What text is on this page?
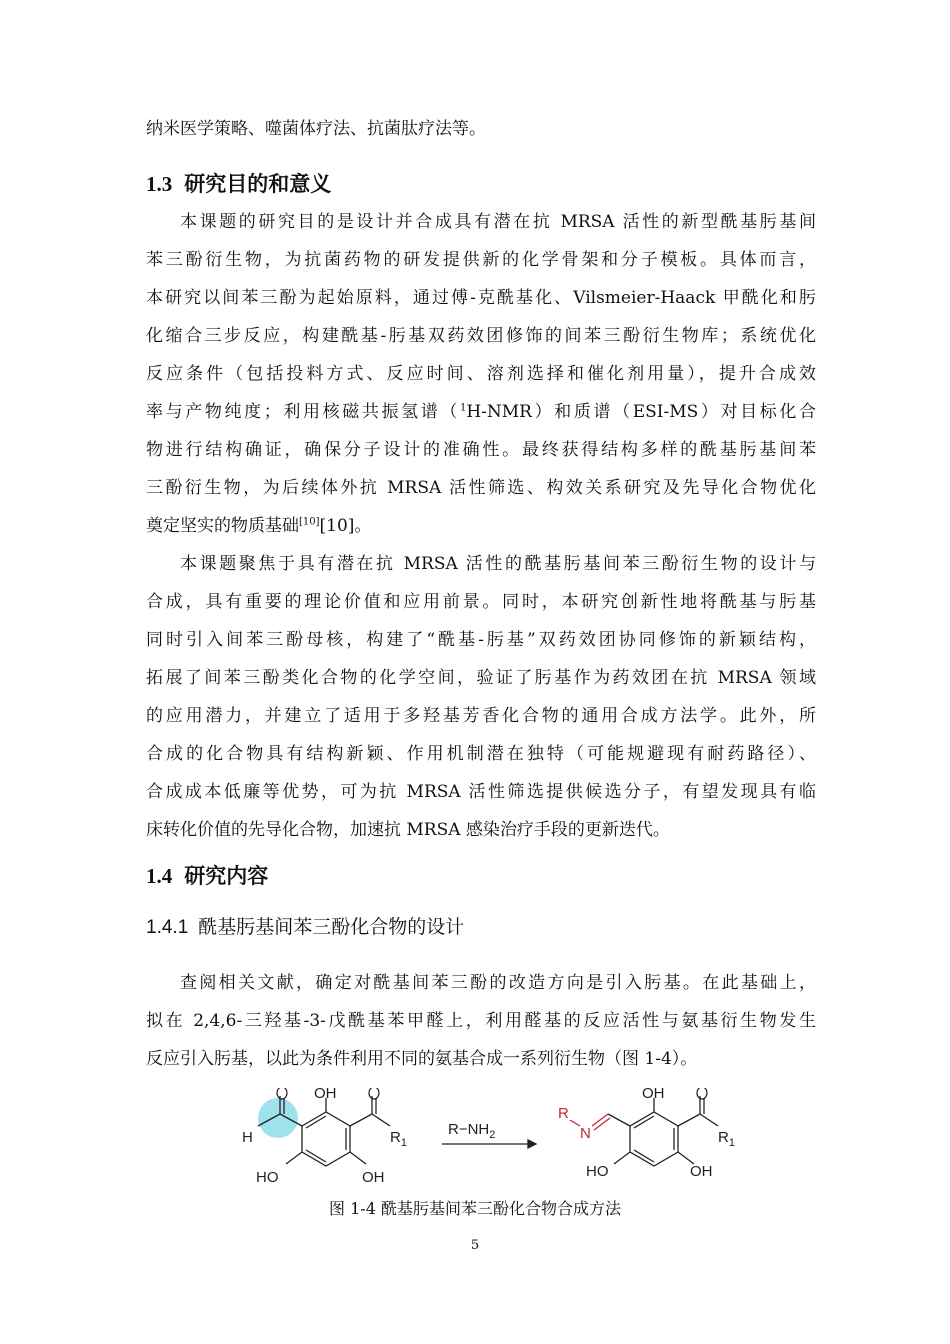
纳米医学策略、噬菌体疗法、抗菌肽疗法等。
1.3 研究目的和意义
本课题的研究目的是设计并合成具有潜在抗 MRSA 活性的新型酰基肟基间
苯三酚衍生物，为抗菌药物的研发提供新的化学骨架和分子模板。具体而言，
本研究以间苯三酚为起始原料，通过傅-克酰基化、Vilsmeier-Haack 甲酰化和肟
化缩合三步反应，构建酰基-肟基双药效团修饰的间苯三酚衍生物库；系统优化
反应条件（包括投料方式、反应时间、溶剂选择和催化剂用量），提升合成效
率与产物纯度；利用核磁共振氢谱（$^1$H-NMR）和质谱（ESI-MS）对目标化合
物进行结构确证，确保分子设计的准确性。最终获得结构多样的酰基肟基间苯
三酚衍生物，为后续体外抗 MRSA 活性筛选、构效关系研究及先导化合物优化
奠定坚实的物质基础[10][10]。
本课题聚焦于具有潜在抗 MRSA 活性的酰基肟基间苯三酚衍生物的设计与
合成，具有重要的理论价值和应用前景。同时，本研究创新性地将酰基与肟基
同时引入间苯三酚母核，构建了“酰基-肟基”双药效团协同修饰的新颖结构，
拓展了间苯三酚类化合物的化学空间，验证了肟基作为药效团在抗 MRSA 领域
的应用潜力，并建立了适用于多羟基芳香化合物的通用合成方法学。此外，所
合成的化合物具有结构新颖、作用机制潜在独特（可能规避现有耐药路径）、
合成成本低廉等优势，可为抗 MRSA 活性筛选提供候选分子，有望发现具有临
床转化价值的先导化合物，加速抗 MRSA 感染治疗手段的更新迭代。
1.4 研究内容
1.4.1 酰基肟基间苯三酚化合物的设计
查阅相关文献，确定对酰基间苯三酚的改造方向是引入肟基。在此基础上，
拟在 2,4,6-三羟基-3-戊酰基苯甲醛上，利用醛基的反应活性与氨基衍生物发生
反应引入肟基，以此为条件利用不同的氨基合成一系列衍生物（图 1-4）。
H
OH
$R_1$
HO	OH
$R-NH_2$
R
N
OH
$R_1$
HO	OH
图 1-4 酰基肟基间苯三酚化合物合成方法
5
